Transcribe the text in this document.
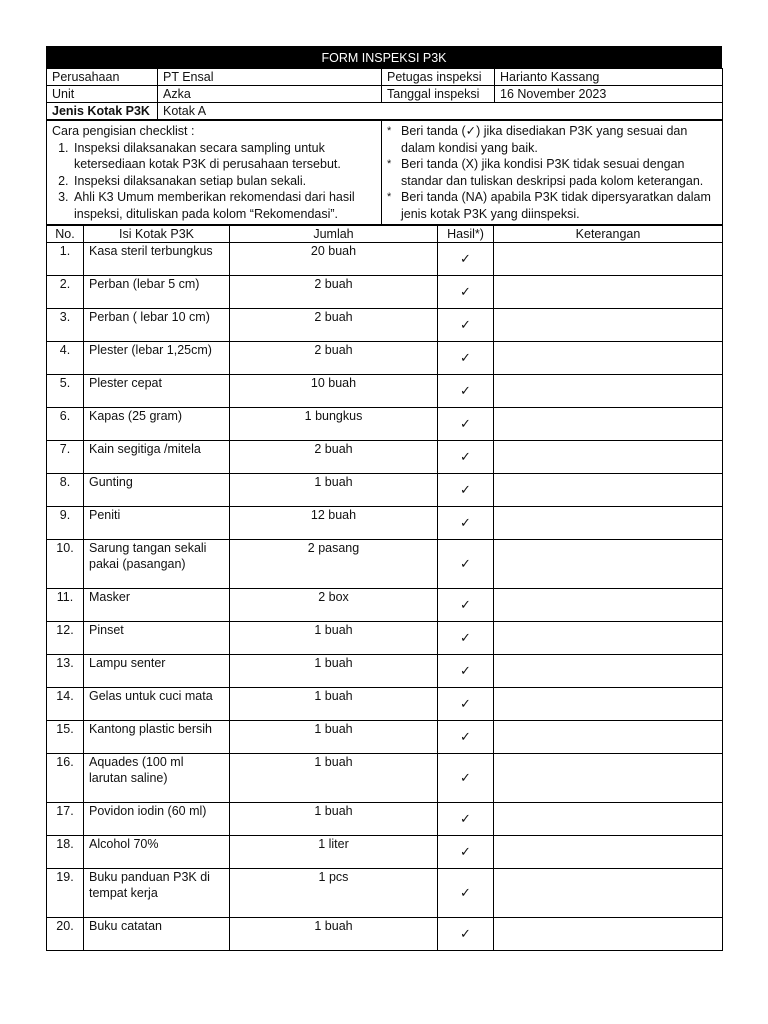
FORM INSPEKSI P3K
Perusahaan	PT Ensal	Petugas inspeksi	Harianto Kassang
Unit	Azka	Tanggal inspeksi	16 November 2023
Jenis Kotak P3K	Kotak A		
Cara pengisian checklist :
1. Inspeksi dilaksanakan secara sampling untuk ketersediaan kotak P3K di perusahaan tersebut.
2. Inspeksi dilaksanakan setiap bulan sekali.
3. Ahli K3 Umum memberikan rekomendasi dari hasil inspeksi, dituliskan pada kolom “Rekomendasi”.

* Beri tanda (✓) jika disediakan P3K yang sesuai dan dalam kondisi yang baik.
* Beri tanda (X) jika kondisi P3K tidak sesuai dengan standar dan tuliskan deskripsi pada kolom keterangan.
* Beri tanda (NA) apabila P3K tidak dipersyaratkan dalam jenis kotak P3K yang diinspeksi.
No.	Isi Kotak P3K	Jumlah	Hasil*)	Keterangan
1.	Kasa steril terbungkus	20 buah	✓	
2.	Perban (lebar 5 cm)	2 buah	✓	
3.	Perban ( lebar 10 cm)	2 buah	✓	
4.	Plester (lebar 1,25cm)	2 buah	✓	
5.	Plester cepat	10 buah	✓	
6.	Kapas (25 gram)	1 bungkus	✓	
7.	Kain segitiga /mitela	2 buah	✓	
8.	Gunting	1 buah	✓	
9.	Peniti	12 buah	✓	
10.	Sarung tangan sekali pakai (pasangan)	2 pasang	✓	
11.	Masker	2 box	✓	
12.	Pinset	1 buah	✓	
13.	Lampu senter	1 buah	✓	
14.	Gelas untuk cuci mata	1 buah	✓	
15.	Kantong plastic bersih	1 buah	✓	
16.	Aquades (100 ml larutan saline)	1 buah	✓	
17.	Povidon iodin (60 ml)	1 buah	✓	
18.	Alcohol 70%	1 liter	✓	
19.	Buku panduan P3K di tempat kerja	1 pcs	✓	
20.	Buku catatan	1 buah	✓	
